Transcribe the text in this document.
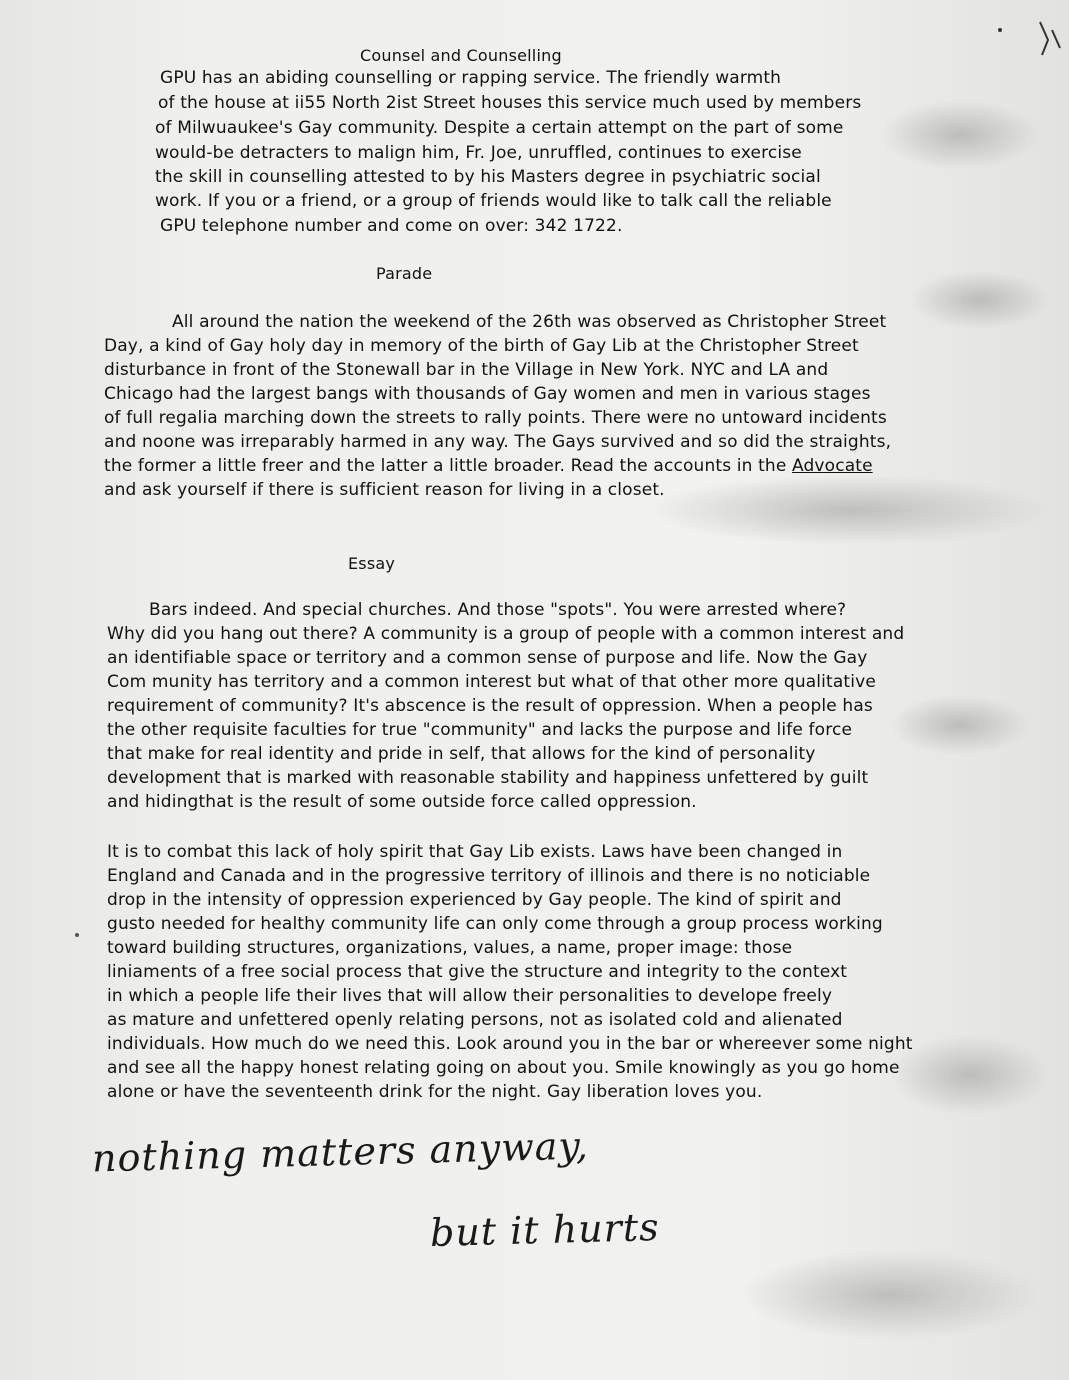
Counsel and Counselling
GPU has an abiding counselling or rapping service. The friendly warmth
of the house at ii55 North 2ist Street houses this service much used by members
of Milwuaukee's Gay community. Despite a certain attempt on the part of some
would-be detracters to malign him, Fr. Joe, unruffled, continues to exercise
the skill in counselling attested to by his Masters degree in psychiatric social
work. If you or a friend, or a group of friends would like to talk call the reliable
GPU telephone number and come on over: 342 1722.
Parade
All around the nation the weekend of the 26th was observed as Christopher Street
Day, a kind of Gay holy day in memory of the birth of Gay Lib at the Christopher Street
disturbance in front of the Stonewall bar in the Village in New York. NYC and LA and
Chicago had the largest bangs with thousands of Gay women and men in various stages
of full regalia marching down the streets to rally points. There were no untoward incidents
and noone was irreparably harmed in any way. The Gays survived and so did the straights,
the former a little freer and the latter a little broader. Read the accounts in the Advocate
and ask yourself if there is sufficient reason for living in a closet.
Essay
Bars indeed. And special churches. And those "spots". You were arrested where?
Why did you hang out there? A community is a group of people with a common interest and
an identifiable space or territory and a common sense of purpose and life. Now the Gay
Com munity has territory and a common interest but what of that other more qualitative
requirement of community? It's abscence is the result of oppression. When a people has
the other requisite faculties for true "community" and lacks the purpose and life force
that make for real identity and pride in self, that allows for the kind of personality
development that is marked with reasonable stability and happiness unfettered by guilt
and hidingthat is the result of some outside force called oppression.
It is to combat this lack of holy spirit that Gay Lib exists. Laws have been changed in
England and Canada and in the progressive territory of illinois and there is no noticiable
drop in the intensity of oppression experienced by Gay people. The kind of spirit and
gusto needed for healthy community life can only come through a group process working
toward building structures, organizations, values, a name, proper image: those
liniaments of a free social process that give the structure and integrity to the context
in which a people life their lives that will allow their personalities to develope freely
as mature and unfettered openly relating persons, not as isolated cold and alienated
individuals. How much do we need this. Look around you in the bar or whereever some night
and see all the happy honest relating going on about you. Smile knowingly as you go home
alone or have the seventeenth drink for the night. Gay liberation loves you.
nothing matters anyway,
but it hurts
